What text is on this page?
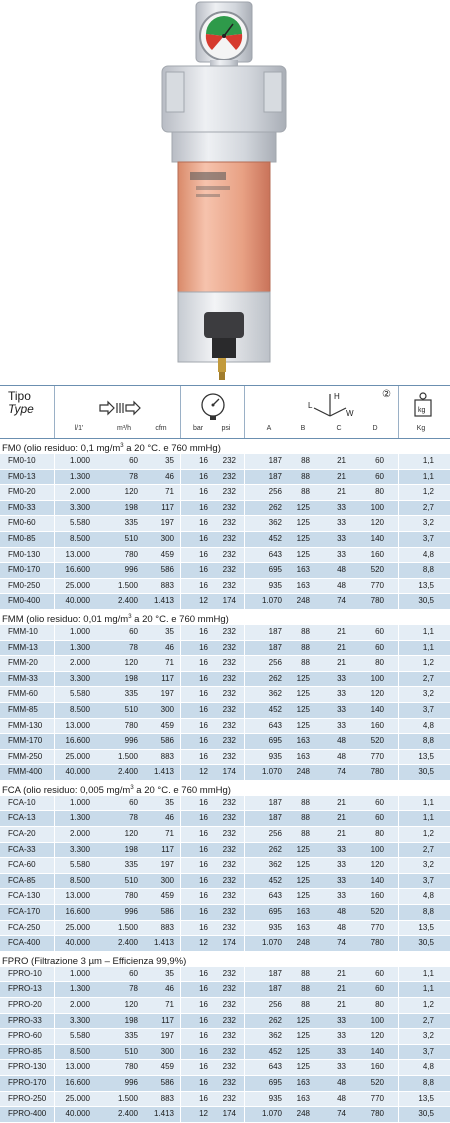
Tipo
Type
H
L
W
②
kg
l/1'	m³/h	cfm	bar	psi	A	B	C	D	Kg
FM0 (olio residuo: 0,1 $mg/m^3$ a 20 °C. e 760 mmHg)
FM0-10	1.000	60	35	16	232	187	88	21	60	1,1
FM0-13	1.300	78	46	16	232	187	88	21	60	1,1
FM0-20	2.000	120	71	16	232	256	88	21	80	1,2
FM0-33	3.300	198	117	16	232	262	125	33	100	2,7
FM0-60	5.580	335	197	16	232	362	125	33	120	3,2
FM0-85	8.500	510	300	16	232	452	125	33	140	3,7
FM0-130	13.000	780	459	16	232	643	125	33	160	4,8
FM0-170	16.600	996	586	16	232	695	163	48	520	8,8
FM0-250	25.000	1.500	883	16	232	935	163	48	770	13,5
FM0-400	40.000	2.400	1.413	12	174	1.070	248	74	780	30,5
FMM (olio residuo: 0,01 $mg/m^3$ a 20 °C. e 760 mmHg)
FMM-10	1.000	60	35	16	232	187	88	21	60	1,1
FMM-13	1.300	78	46	16	232	187	88	21	60	1,1
FMM-20	2.000	120	71	16	232	256	88	21	80	1,2
FMM-33	3.300	198	117	16	232	262	125	33	100	2,7
FMM-60	5.580	335	197	16	232	362	125	33	120	3,2
FMM-85	8.500	510	300	16	232	452	125	33	140	3,7
FMM-130	13.000	780	459	16	232	643	125	33	160	4,8
FMM-170	16.600	996	586	16	232	695	163	48	520	8,8
FMM-250	25.000	1.500	883	16	232	935	163	48	770	13,5
FMM-400	40.000	2.400	1.413	12	174	1.070	248	74	780	30,5
FCA (olio residuo: 0,005 $mg/m^3$ a 20 °C. e 760 mmHg)
FCA-10	1.000	60	35	16	232	187	88	21	60	1,1
FCA-13	1.300	78	46	16	232	187	88	21	60	1,1
FCA-20	2.000	120	71	16	232	256	88	21	80	1,2
FCA-33	3.300	198	117	16	232	262	125	33	100	2,7
FCA-60	5.580	335	197	16	232	362	125	33	120	3,2
FCA-85	8.500	510	300	16	232	452	125	33	140	3,7
FCA-130	13.000	780	459	16	232	643	125	33	160	4,8
FCA-170	16.600	996	586	16	232	695	163	48	520	8,8
FCA-250	25.000	1.500	883	16	232	935	163	48	770	13,5
FCA-400	40.000	2.400	1.413	12	174	1.070	248	74	780	30,5
FPRO (Filtrazione 3 µm – Efficienza 99,9%)
FPRO-10	1.000	60	35	16	232	187	88	21	60	1,1
FPRO-13	1.300	78	46	16	232	187	88	21	60	1,1
FPRO-20	2.000	120	71	16	232	256	88	21	80	1,2
FPRO-33	3.300	198	117	16	232	262	125	33	100	2,7
FPRO-60	5.580	335	197	16	232	362	125	33	120	3,2
FPRO-85	8.500	510	300	16	232	452	125	33	140	3,7
FPRO-130	13.000	780	459	16	232	643	125	33	160	4,8
FPRO-170	16.600	996	586	16	232	695	163	48	520	8,8
FPRO-250	25.000	1.500	883	16	232	935	163	48	770	13,5
FPRO-400	40.000	2.400	1.413	12	174	1.070	248	74	780	30,5
